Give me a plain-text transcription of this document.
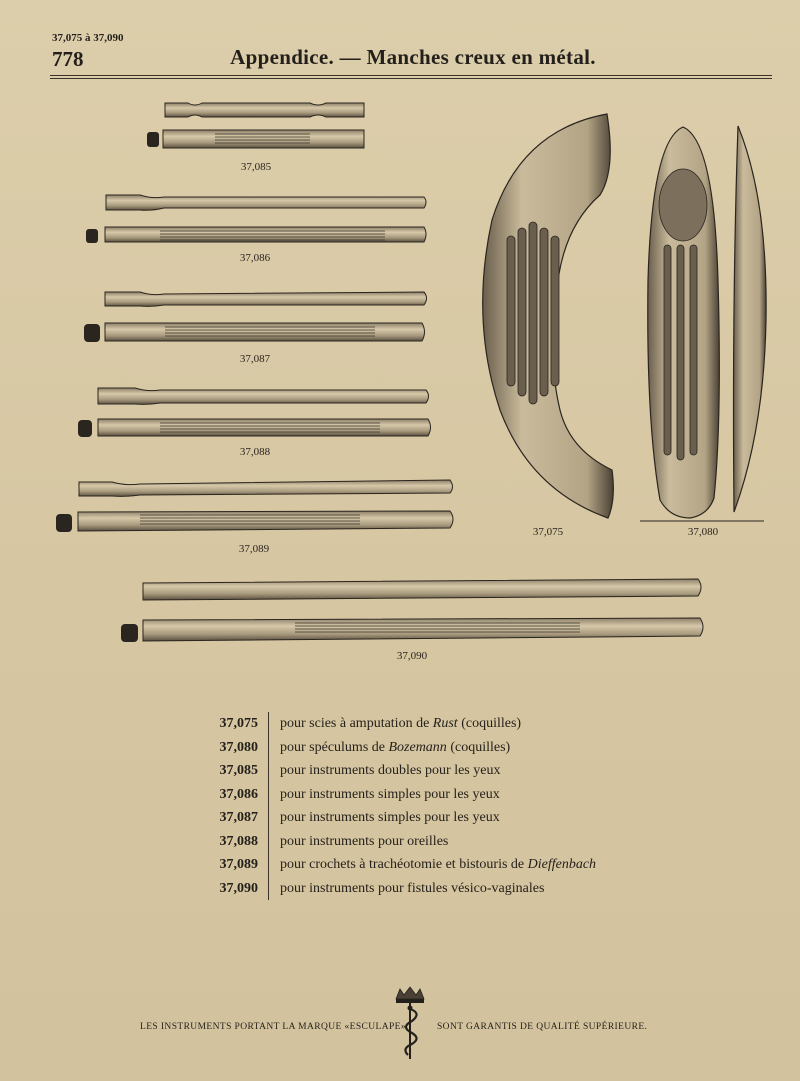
37,075 à 37,090
778	Appendice. — Manches creux en métal.
37,085
37,086
37,087
37,088
37,089
37,075	37,080
37,090
37,075	pour scies à amputation de Rust (coquilles)
37,080	pour spéculums de Bozemann (coquilles)
37,085	pour instruments doubles pour les yeux
37,086	pour instruments simples pour les yeux
37,087	pour instruments simples pour les yeux
37,088	pour instruments pour oreilles
37,089	pour crochets à trachéotomie et bistouris de Dieffenbach
37,090	pour instruments pour fistules vésico-vaginales
LES INSTRUMENTS PORTANT LA MARQUE «ESCULAPE»	SONT GARANTIS DE QUALITÉ SUPÉRIEURE.
